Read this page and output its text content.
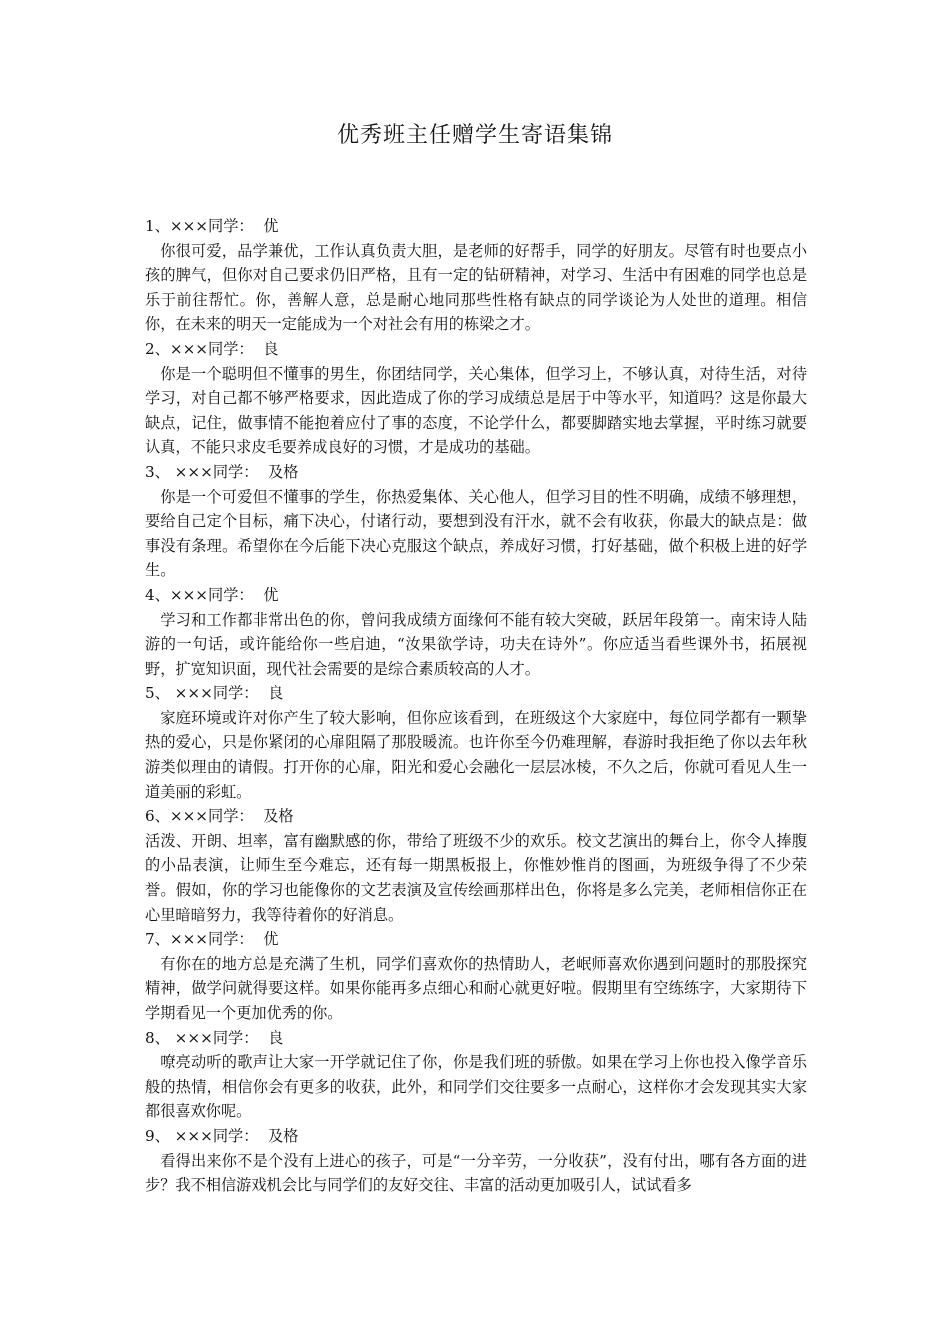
优秀班主任赠学生寄语集锦

1、×××同学：  优

你很可爱，品学兼优，工作认真负责大胆，是老师的好帮手，同学的好朋友。尽管有时也要点小孩的脾气，但你对自己要求仍旧严格，且有一定的钻研精神，对学习、生活中有困难的同学也总是乐于前往帮忙。你，善解人意，总是耐心地同那些性格有缺点的同学谈论为人处世的道理。相信你，在未来的明天一定能成为一个对社会有用的栋梁之才。

2、×××同学：  良

你是一个聪明但不懂事的男生，你团结同学，关心集体，但学习上，不够认真，对待生活，对待学习，对自己都不够严格要求，因此造成了你的学习成绩总是居于中等水平，知道吗？这是你最大缺点，记住，做事情不能抱着应付了事的态度，不论学什么，都要脚踏实地去掌握，平时练习就要认真，不能只求皮毛要养成良好的习惯，才是成功的基础。

3、 ×××同学：  及格

你是一个可爱但不懂事的学生，你热爱集体、关心他人，但学习目的性不明确，成绩不够理想，要给自己定个目标，痛下决心，付诸行动，要想到没有汗水，就不会有收获，你最大的缺点是：做事没有条理。希望你在今后能下决心克服这个缺点，养成好习惯，打好基础，做个积极上进的好学生。

4、×××同学：  优

学习和工作都非常出色的你，曾问我成绩方面缘何不能有较大突破，跃居年段第一。南宋诗人陆游的一句话，或许能给你一些启迪，“汝果欲学诗，功夫在诗外”。你应适当看些课外书，拓展视野，扩宽知识面，现代社会需要的是综合素质较高的人才。

5、 ×××同学：  良

家庭环境或许对你产生了较大影响，但你应该看到，在班级这个大家庭中，每位同学都有一颗挚热的爱心，只是你紧闭的心扉阻隔了那股暖流。也许你至今仍难理解，春游时我拒绝了你以去年秋游类似理由的请假。打开你的心扉，阳光和爱心会融化一层层冰棱，不久之后，你就可看见人生一道美丽的彩虹。

6、×××同学：  及格

活泼、开朗、坦率，富有幽默感的你，带给了班级不少的欢乐。校文艺演出的舞台上，你令人捧腹的小品表演，让师生至今难忘，还有每一期黑板报上，你惟妙惟肖的图画，为班级争得了不少荣誉。假如，你的学习也能像你的文艺表演及宣传绘画那样出色，你将是多么完美，老师相信你正在心里暗暗努力，我等待着你的好消息。

7、×××同学：  优

有你在的地方总是充满了生机，同学们喜欢你的热情助人，老岷师喜欢你遇到问题时的那股探究精神，做学问就得要这样。如果你能再多点细心和耐心就更好啦。假期里有空练练字，大家期待下学期看见一个更加优秀的你。

8、 ×××同学：  良

嘹亮动听的歌声让大家一开学就记住了你，你是我们班的骄傲。如果在学习上你也投入像学音乐般的热情，相信你会有更多的收获，此外，和同学们交往要多一点耐心，这样你才会发现其实大家都很喜欢你呢。

9、 ×××同学：  及格

看得出来你不是个没有上进心的孩子，可是“一分辛劳，一分收获”，没有付出，哪有各方面的进步？我不相信游戏机会比与同学们的友好交往、丰富的活动更加吸引人，试试看多
